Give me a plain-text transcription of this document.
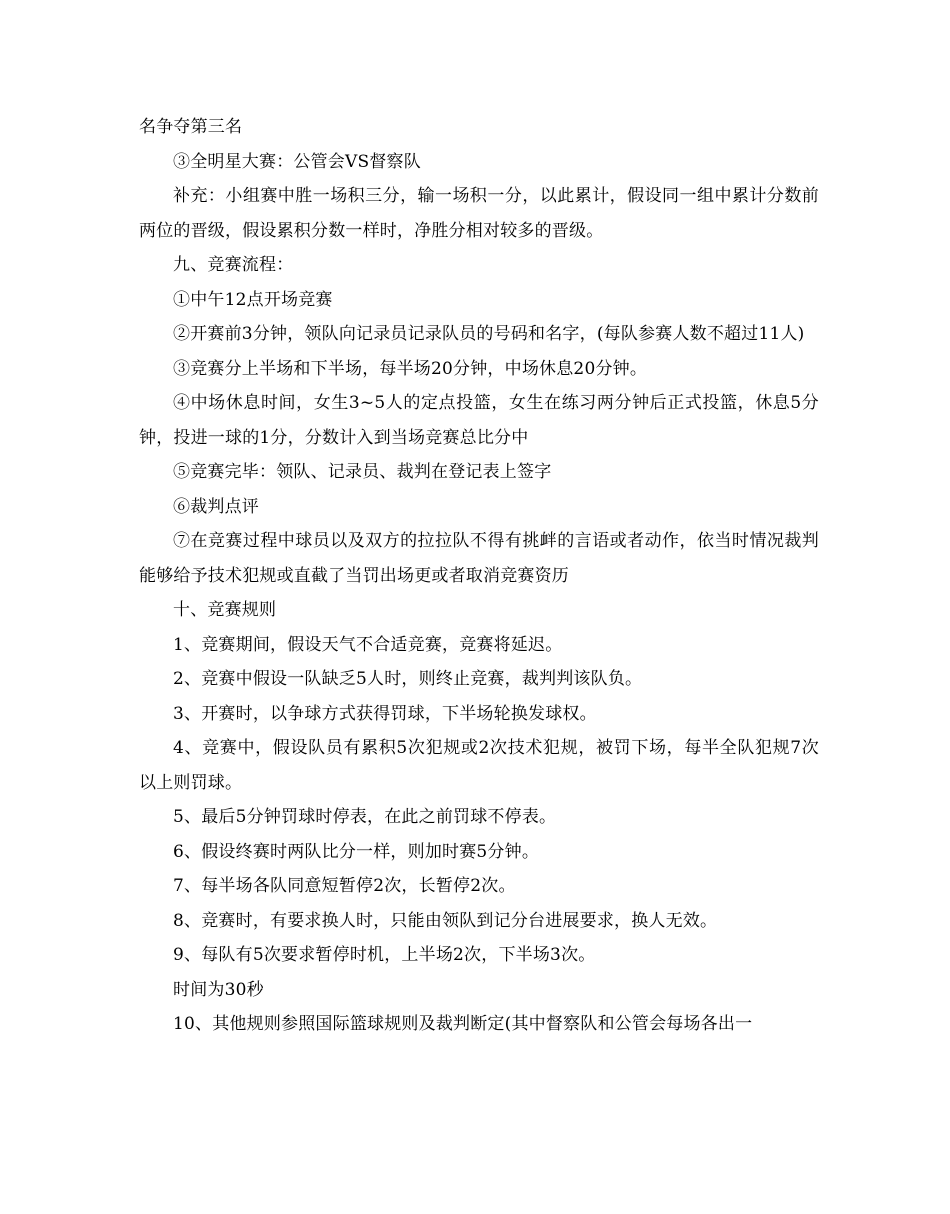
名争夺第三名

③全明星大赛：公管会VS督察队

补充：小组赛中胜一场积三分，输一场积一分，以此累计，假设同一组中累计分数前两位的晋级，假设累积分数一样时，净胜分相对较多的晋级。

九、竞赛流程：

①中午12点开场竞赛

②开赛前3分钟，领队向记录员记录队员的号码和名字，(每队参赛人数不超过11人)

③竞赛分上半场和下半场，每半场20分钟，中场休息20分钟。

④中场休息时间，女生3~5人的定点投篮，女生在练习两分钟后正式投篮，休息5分钟，投进一球的1分，分数计入到当场竞赛总比分中

⑤竞赛完毕：领队、记录员、裁判在登记表上签字

⑥裁判点评

⑦在竞赛过程中球员以及双方的拉拉队不得有挑衅的言语或者动作，依当时情况裁判能够给予技术犯规或直截了当罚出场更或者取消竞赛资历

十、竞赛规则

1、竞赛期间，假设天气不合适竞赛，竞赛将延迟。

2、竞赛中假设一队缺乏5人时，则终止竞赛，裁判判该队负。

3、开赛时，以争球方式获得罚球，下半场轮换发球权。

4、竞赛中，假设队员有累积5次犯规或2次技术犯规，被罚下场，每半全队犯规7次以上则罚球。

5、最后5分钟罚球时停表，在此之前罚球不停表。

6、假设终赛时两队比分一样，则加时赛5分钟。

7、每半场各队同意短暂停2次，长暂停2次。

8、竞赛时，有要求换人时，只能由领队到记分台进展要求，换人无效。

9、每队有5次要求暂停时机，上半场2次，下半场3次。

时间为30秒

10、其他规则参照国际篮球规则及裁判断定(其中督察队和公管会每场各出一
